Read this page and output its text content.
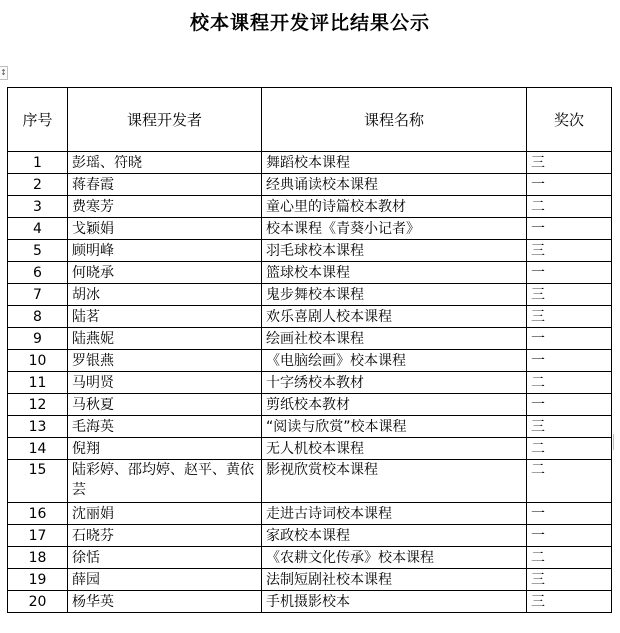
校本课程开发评比结果公示
↕
序号	课程开发者	课程名称	奖次
1	彭瑶、符晓	舞蹈校本课程	三
2	蒋春霞	经典诵读校本课程	一
3	费寒芳	童心里的诗篇校本教材	二
4	戈颖娟	校本课程《青葵小记者》	一
5	顾明峰	羽毛球校本课程	三
6	何晓承	篮球校本课程	一
7	胡冰	鬼步舞校本课程	三
8	陆茗	欢乐喜剧人校本课程	三
9	陆燕妮	绘画社校本课程	一
10	罗银燕	《电脑绘画》校本课程	一
11	马明贤	十字绣校本教材	二
12	马秋夏	剪纸校本教材	一
13	毛海英	“阅读与欣赏”校本课程	三
14	倪翔	无人机校本课程	二
15	陆彩婷、邵均婷、赵平、黄依芸	影视欣赏校本课程	二
16	沈丽娟	走进古诗词校本课程	一
17	石晓芬	家政校本课程	一
18	徐恬	《农耕文化传承》校本课程	二
19	薛园	法制短剧社校本课程	三
20	杨华英	手机摄影校本	三
